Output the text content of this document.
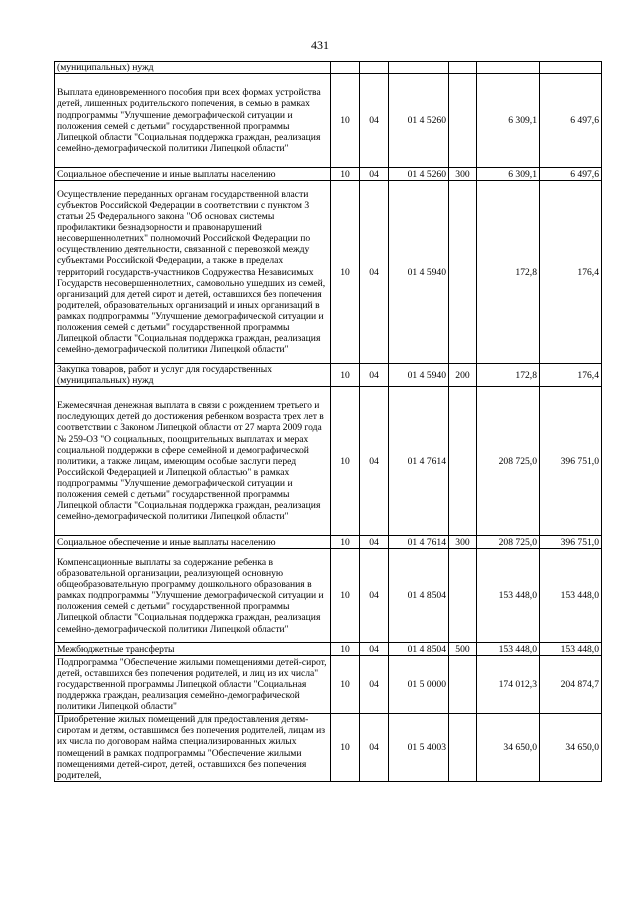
431
(муниципальных) нужд						
Выплата единовременного пособия при всех формах устройства детей, лишенных родительского попечения, в семью в рамках подпрограммы "Улучшение демографической ситуации и положения семей с детьми" государственной программы Липецкой области "Социальная поддержка граждан, реализация семейно-демографической политики Липецкой области"	10	04	01 4 5260		6 309,1	6 497,6
Социальное обеспечение и иные выплаты населению	10	04	01 4 5260	300	6 309,1	6 497,6
Осуществление переданных органам государственной власти субъектов Российской Федерации в соответствии с пунктом 3 статьи 25 Федерального закона "Об основах системы профилактики безнадзорности и правонарушений несовершеннолетних" полномочий Российской Федерации по осуществлению деятельности, связанной с перевозкой между субъектами Российской Федерации, а также в пределах территорий государств-участников Содружества Независимых Государств несовершеннолетних, самовольно ушедших из семей, организаций для детей сирот и детей, оставшихся без попечения родителей, образовательных организаций и иных организаций в рамках подпрограммы "Улучшение демографической ситуации и положения семей с детьми" государственной программы Липецкой области "Социальная поддержка граждан, реализация семейно-демографической политики Липецкой области"	10	04	01 4 5940		172,8	176,4
Закупка товаров, работ и услуг для государственных (муниципальных) нужд	10	04	01 4 5940	200	172,8	176,4
Ежемесячная денежная выплата в связи с рождением третьего и последующих детей до достижения ребенком возраста трех лет в соответствии с Законом Липецкой области от 27 марта 2009 года № 259-ОЗ "О социальных, поощрительных выплатах и мерах социальной поддержки в сфере семейной и демографической политики, а также лицам, имеющим особые заслуги перед Российской Федерацией и Липецкой областью" в рамках подпрограммы "Улучшение демографической ситуации и положения семей с детьми" государственной программы Липецкой области "Социальная поддержка граждан, реализация семейно-демографической политики Липецкой области"	10	04	01 4 7614		208 725,0	396 751,0
Социальное обеспечение и иные выплаты населению	10	04	01 4 7614	300	208 725,0	396 751,0
Компенсационные выплаты за содержание ребенка в образовательной организации, реализующей основную общеобразовательную программу дошкольного образования в рамках подпрограммы "Улучшение демографической ситуации и положения семей с детьми" государственной программы Липецкой области "Социальная поддержка граждан, реализация семейно-демографической политики Липецкой области"	10	04	01 4 8504		153 448,0	153 448,0
Межбюджетные трансферты	10	04	01 4 8504	500	153 448,0	153 448,0
Подпрограмма "Обеспечение жилыми помещениями детей-сирот, детей, оставшихся без попечения родителей, и лиц из их числа" государственной программы Липецкой области "Социальная поддержка граждан, реализация семейно-демографической политики Липецкой области"	10	04	01 5 0000		174 012,3	204 874,7
Приобретение жилых помещений для предоставления детям-сиротам и детям, оставшимся без попечения родителей, лицам из их числа по договорам найма специализированных жилых помещений в рамках подпрограммы "Обеспечение жилыми помещениями детей-сирот, детей, оставшихся без попечения родителей,	10	04	01 5 4003		34 650,0	34 650,0
